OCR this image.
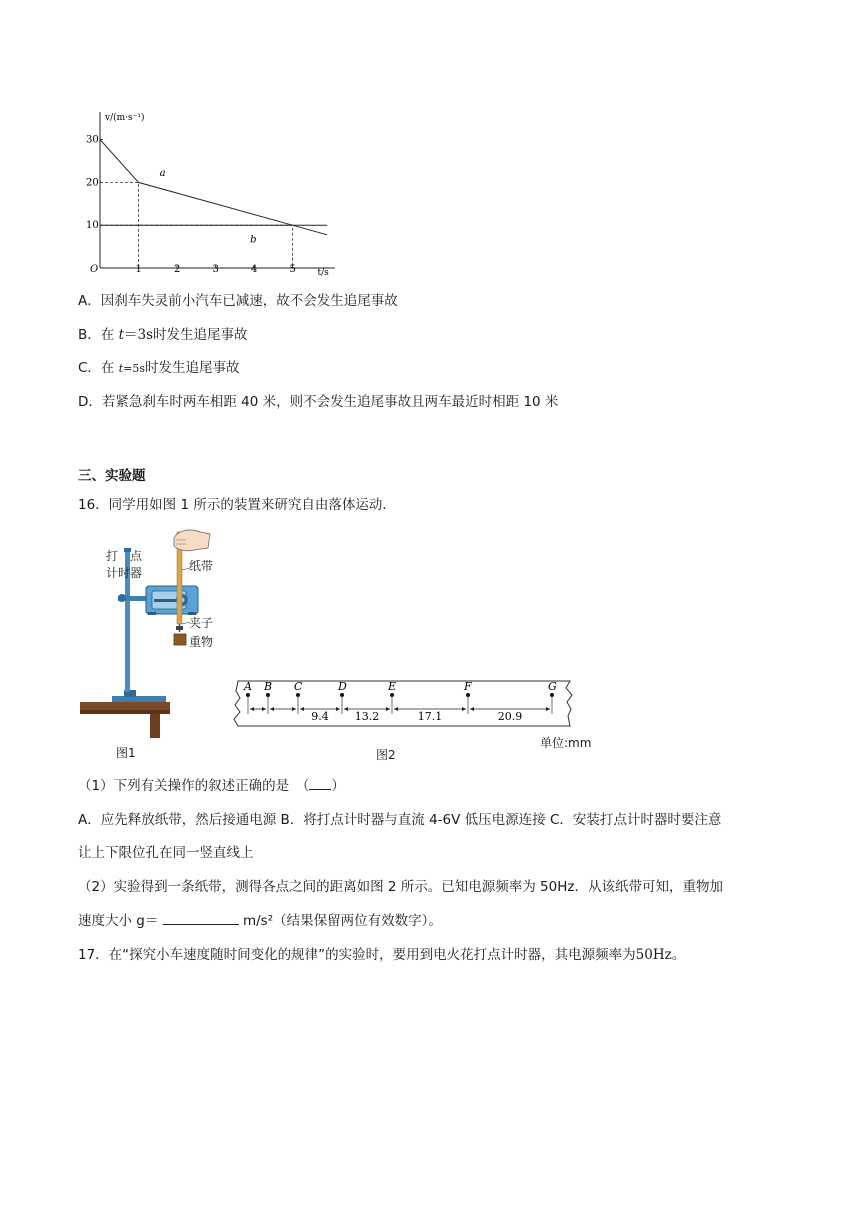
O
v/(m·s⁻¹)
t/s
1	2	3	4	5
10
20
30
a
b
A．因刹车失灵前小汽车已减速，故不会发生追尾事故
B．在 t＝3s时发生追尾事故
C．在 t=5s时发生追尾事故
D．若紧急刹车时两车相距 40 米，则不会发生追尾事故且两车最近时相距 10 米
三、实验题
16．同学用如图 1 所示的装置来研究自由落体运动．
打　点
计时器	纸带
夹子
重物
图1
A B C	D	E	F	G
9.4 13.2	17.1	20.9
单位:mm
图2
（1）下列有关操作的叙述正确的是　（ ）
A．应先释放纸带，然后接通电源 B．将打点计时器与直流 4-6V 低压电源连接 C．安装打点计时器时要注意
让上下限位孔在同一竖直线上
（2）实验得到一条纸带，测得各点之间的距离如图 2 所示。已知电源频率为 50Hz．从该纸带可知，重物加
速度大小 g＝	m/s²（结果保留两位有效数字）。
17．在“探究小车速度随时间变化的规律”的实验时，要用到电火花打点计时器，其电源频率为50Hz。
